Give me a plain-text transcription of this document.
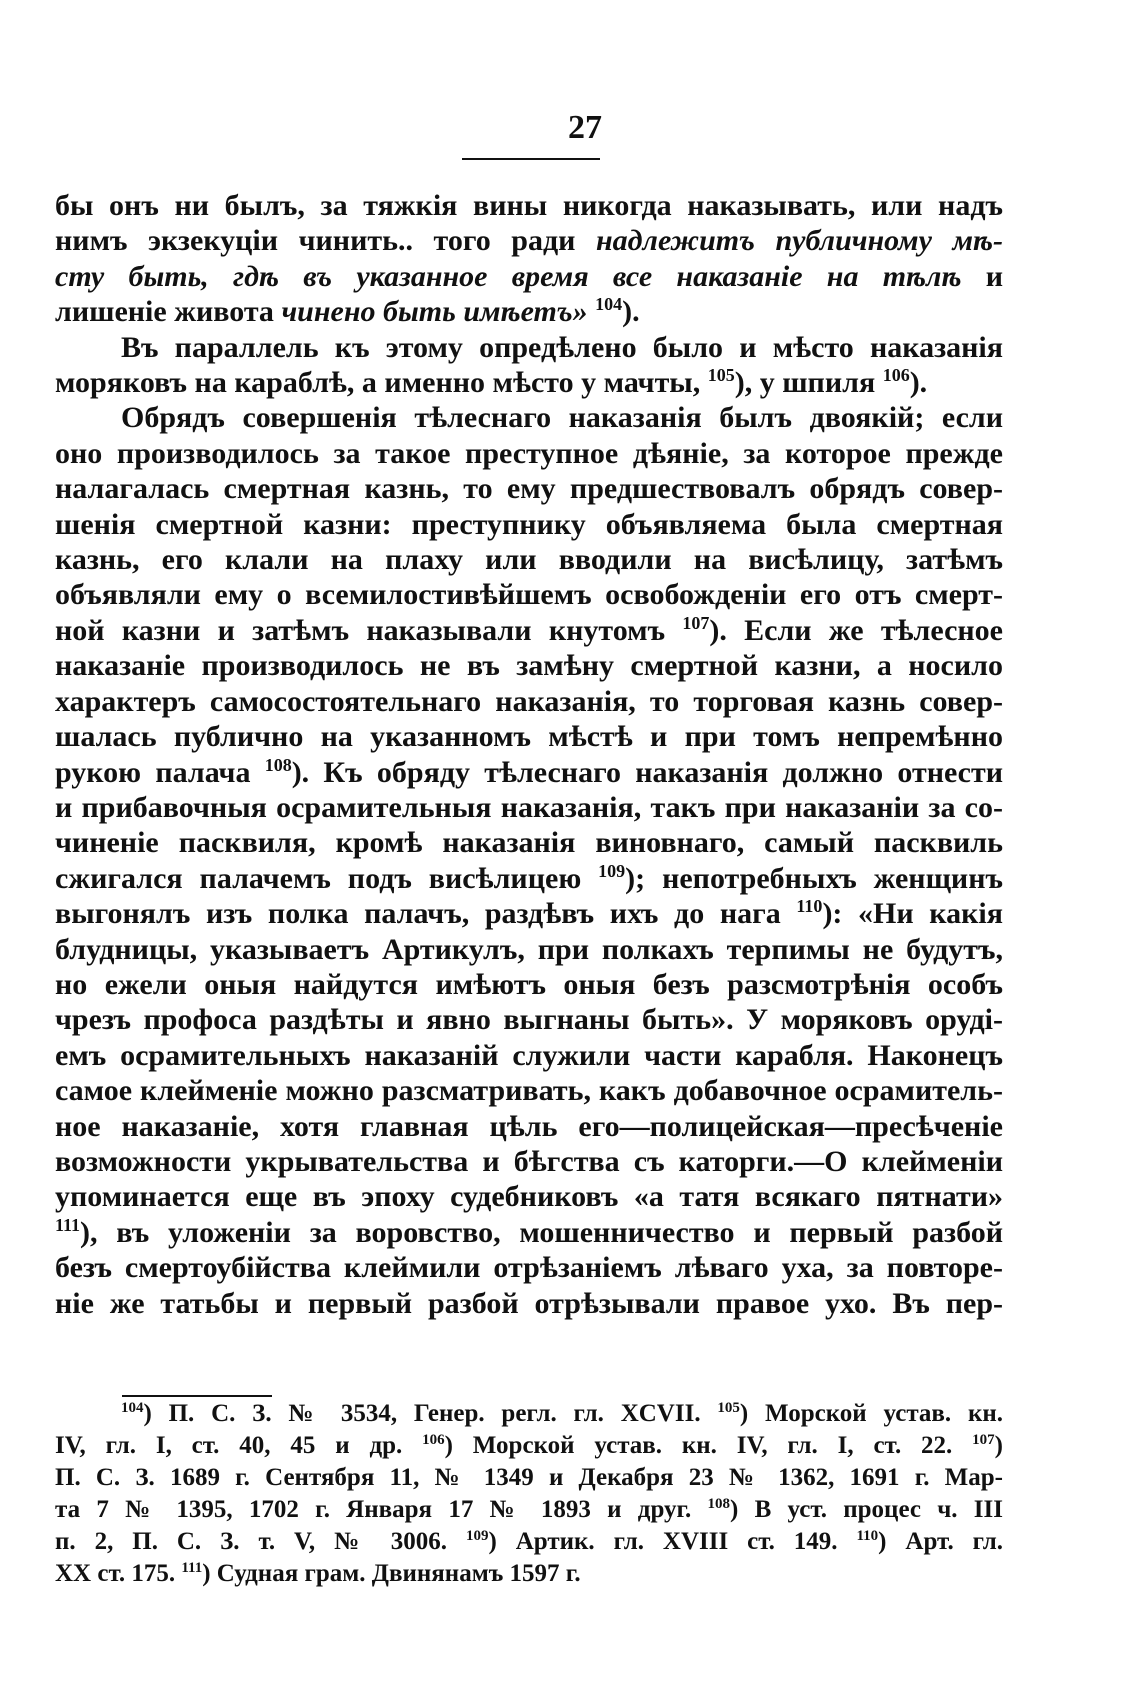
27

бы онъ ни былъ, за тяжкія вины никогда наказывать, или надъ

нимъ экзекуціи чинить.. того ради надлежитъ публичному мѣ-

сту быть, гдѣ въ указанное время все наказаніе на тѣлѣ и

лишеніе живота чинено быть имѣетъ» $^{104}$).

Въ параллель къ этому опредѣлено было и мѣсто наказанія

моряковъ на караблѣ, а именно мѣсто у мачты, $^{105}$), у шпиля $^{106}$).

Обрядъ совершенія тѣлеснаго наказанія былъ двоякій; если

оно производилось за такое преступное дѣяніе, за которое прежде

налагалась смертная казнь, то ему предшествовалъ обрядъ совер-

шенія смертной казни: преступнику объявляема была смертная

казнь, его клали на плаху или вводили на висѣлицу, затѣмъ

объявляли ему о всемилостивѣйшемъ освобожденіи его отъ смерт-

ной казни и затѣмъ наказывали кнутомъ $^{107}$). Если же тѣлесное

наказаніе производилось не въ замѣну смертной казни, а носило

характеръ самосостоятельнаго наказанія, то торговая казнь совер-

шалась публично на указанномъ мѣстѣ и при томъ непремѣнно

рукою палача $^{108}$). Къ обряду тѣлеснаго наказанія должно отнести

и прибавочныя осрамительныя наказанія, такъ при наказаніи за со-

чиненіе пасквиля, кромѣ наказанія виновнаго, самый пасквиль

сжигался палачемъ подъ висѣлицею $^{109}$); непотребныхъ женщинъ

выгонялъ изъ полка палачъ, раздѣвъ ихъ до нага $^{110}$): «Ни какія

блудницы, указываетъ Артикулъ, при полкахъ терпимы не будутъ,

но ежели оныя найдутся имѣютъ оныя безъ разсмотрѣнія особъ

чрезъ профоса раздѣты и явно выгнаны быть». У моряковъ оруді-

емъ осрамительныхъ наказаній служили части карабля. Наконецъ

самое клейменіе можно разсматривать, какъ добавочное осрамитель-

ное наказаніе, хотя главная цѣль его—полицейская—пресѣченіе

возможности укрывательства и бѣгства съ каторги.—О клейменіи

упоминается еще въ эпоху судебниковъ «а татя всякаго пятнати»

$^{111}$), въ уложеніи за воровство, мошенничество и первый разбой

безъ смертоубійства клеймили отрѣзаніемъ лѣваго уха, за повторе-

ніе же татьбы и первый разбой отрѣзывали правое ухо. Въ пер-

$^{104}$) П. С. З. № 3534, Генер. регл. гл. XCVII. $^{105}$) Морской устав. кн.

IV, гл. I, ст. 40, 45 и др. $^{106}$) Морской устав. кн. IV, гл. I, ст. 22. $^{107}$)

П. С. З. 1689 г. Сентября 11, № 1349 и Декабря 23 № 1362, 1691 г. Мар-

та 7 № 1395, 1702 г. Января 17 № 1893 и друг. $^{108}$) В уст. процес ч. III

п. 2, П. С. З. т. V, № 3006. $^{109}$) Артик. гл. XVIII ст. 149. $^{110}$) Арт. гл.

XX ст. 175. $^{111}$) Судная грам. Двинянамъ 1597 г.
